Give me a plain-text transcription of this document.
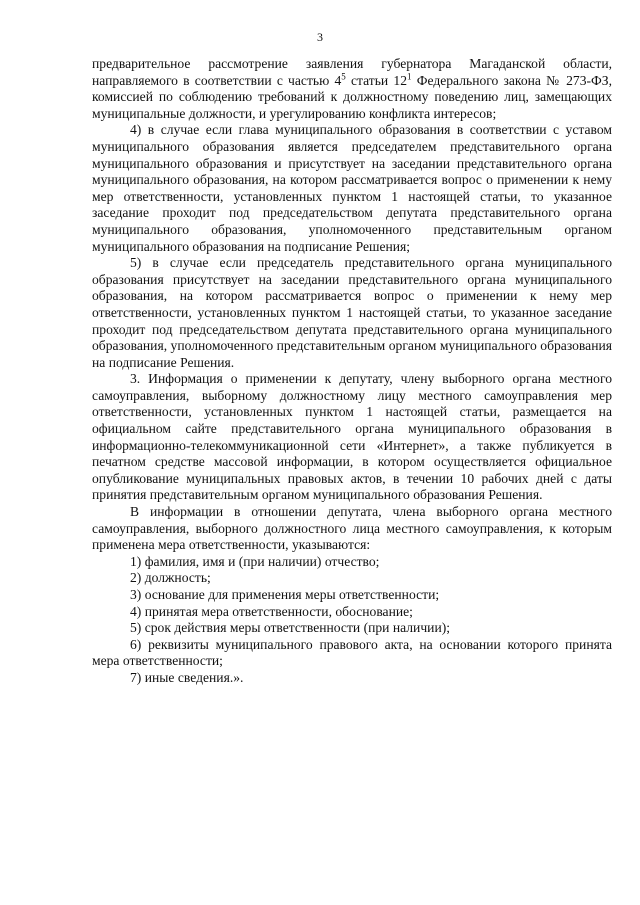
3

предварительное рассмотрение заявления губернатора Магаданской области, направляемого в соответствии с частью $4^5$ статьи $12^1$ Федерального закона № 273-ФЗ, комиссией по соблюдению требований к должностному поведению лиц, замещающих муниципальные должности, и урегулированию конфликта интересов;

4) в случае если глава муниципального образования в соответствии с уставом муниципального образования является председателем представительного органа муниципального образования и присутствует на заседании представительного органа муниципального образования, на котором рассматривается вопрос о применении к нему мер ответственности, установленных пунктом 1 настоящей статьи, то указанное заседание проходит под председательством депутата представительного органа муниципального образования, уполномоченного представительным органом муниципального образования на подписание Решения;

5) в случае если председатель представительного органа муниципального образования присутствует на заседании представительного органа муниципального образования, на котором рассматривается вопрос о применении к нему мер ответственности, установленных пунктом 1 настоящей статьи, то указанное заседание проходит под председательством депутата представительного органа муниципального образования, уполномоченного представительным органом муниципального образования на подписание Решения.

3. Информация о применении к депутату, члену выборного органа местного самоуправления, выборному должностному лицу местного самоуправления мер ответственности, установленных пунктом 1 настоящей статьи, размещается на официальном сайте представительного органа муниципального образования в информационно-телекоммуникационной сети «Интернет», а также публикуется в печатном средстве массовой информации, в котором осуществляется официальное опубликование муниципальных правовых актов, в течении 10 рабочих дней с даты принятия представительным органом муниципального образования Решения.

В информации в отношении депутата, члена выборного органа местного самоуправления, выборного должностного лица местного самоуправления, к которым применена мера ответственности, указываются:

1) фамилия, имя и (при наличии) отчество;

2) должность;

3) основание для применения меры ответственности;

4) принятая мера ответственности, обоснование;

5) срок действия меры ответственности (при наличии);

6) реквизиты муниципального правового акта, на основании которого принята мера ответственности;

7) иные сведения.».
